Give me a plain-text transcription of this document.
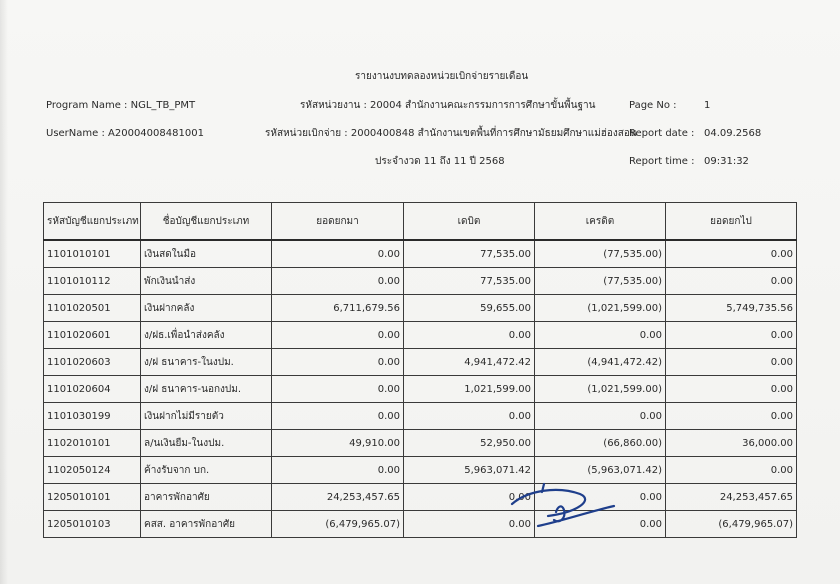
รายงานงบทดลองหน่วยเบิกจ่ายรายเดือน
Program Name : NGL_TB_PMT
UserName : A20004008481001
รหัสหน่วยงาน : 20004 สำนักงานคณะกรรมการการศึกษาขั้นพื้นฐาน
รหัสหน่วยเบิกจ่าย : 2000400848 สำนักงานเขตพื้นที่การศึกษามัธยมศึกษาแม่ฮ่องสอน
ประจำงวด 11 ถึง 11 ปี 2568
Page No :	1
Report date : 04.09.2568
Report time : 09:31:32
รหัสบัญชีแยกประเภท	ชื่อบัญชีแยกประเภท	ยอดยกมา	เดบิต	เครดิต	ยอดยกไป
1101010101	เงินสดในมือ	0.00	77,535.00	(77,535.00)	0.00
1101010112	พักเงินนำส่ง	0.00	77,535.00	(77,535.00)	0.00
1101020501	เงินฝากคลัง	6,711,679.56	59,655.00	(1,021,599.00)	5,749,735.56
1101020601	ง/ฝธ.เพื่อนำส่งคลัง	0.00	0.00	0.00	0.00
1101020603	ง/ฝ ธนาคาร-ในงปม.	0.00	4,941,472.42	(4,941,472.42)	0.00
1101020604	ง/ฝ ธนาคาร-นอกงปม.	0.00	1,021,599.00	(1,021,599.00)	0.00
1101030199	เงินฝากไม่มีรายตัว	0.00	0.00	0.00	0.00
1102010101	ล/นเงินยืม-ในงปม.	49,910.00	52,950.00	(66,860.00)	36,000.00
1102050124	ค้างรับจาก บก.	0.00	5,963,071.42	(5,963,071.42)	0.00
1205010101	อาคารพักอาศัย	24,253,457.65	0.00	0.00	24,253,457.65
1205010103	คสส. อาคารพักอาศัย	(6,479,965.07)	0.00	0.00	(6,479,965.07)
